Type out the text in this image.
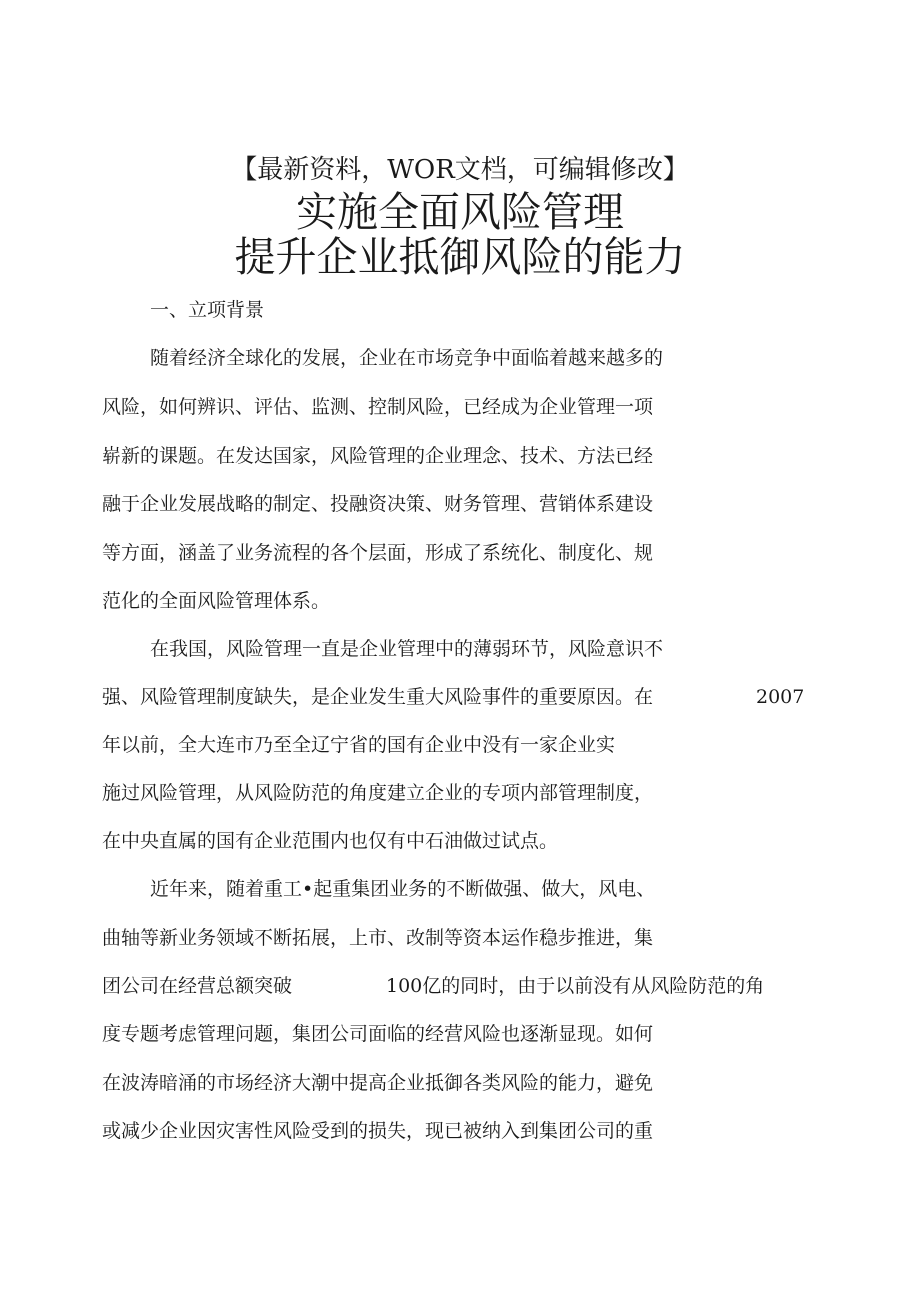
【最新资料，WOR文档，可编辑修改】
实施全面风险管理
提升企业抵御风险的能力
一、立项背景
随着经济全球化的发展，企业在市场竞争中面临着越来越多的
风险，如何辨识、评估、监测、控制风险，已经成为企业管理一项
崭新的课题。在发达国家，风险管理的企业理念、技术、方法已经
融于企业发展战略的制定、投融资决策、财务管理、营销体系建设
等方面，涵盖了业务流程的各个层面，形成了系统化、制度化、规
范化的全面风险管理体系。
在我国，风险管理一直是企业管理中的薄弱环节，风险意识不
强、风险管理制度缺失，是企业发生重大风险事件的重要原因。在	2007
年以前，全大连市乃至全辽宁省的国有企业中没有一家企业实
施过风险管理，从风险防范的角度建立企业的专项内部管理制度，
在中央直属的国有企业范围内也仅有中石油做过试点。
近年来，随着重工•起重集团业务的不断做强、做大，风电、
曲轴等新业务领域不断拓展，上市、改制等资本运作稳步推进，集
团公司在经营总额突破	100亿的同时，由于以前没有从风险防范的角
度专题考虑管理问题，集团公司面临的经营风险也逐渐显现。如何
在波涛暗涌的市场经济大潮中提高企业抵御各类风险的能力，避免
或减少企业因灾害性风险受到的损失，现已被纳入到集团公司的重
